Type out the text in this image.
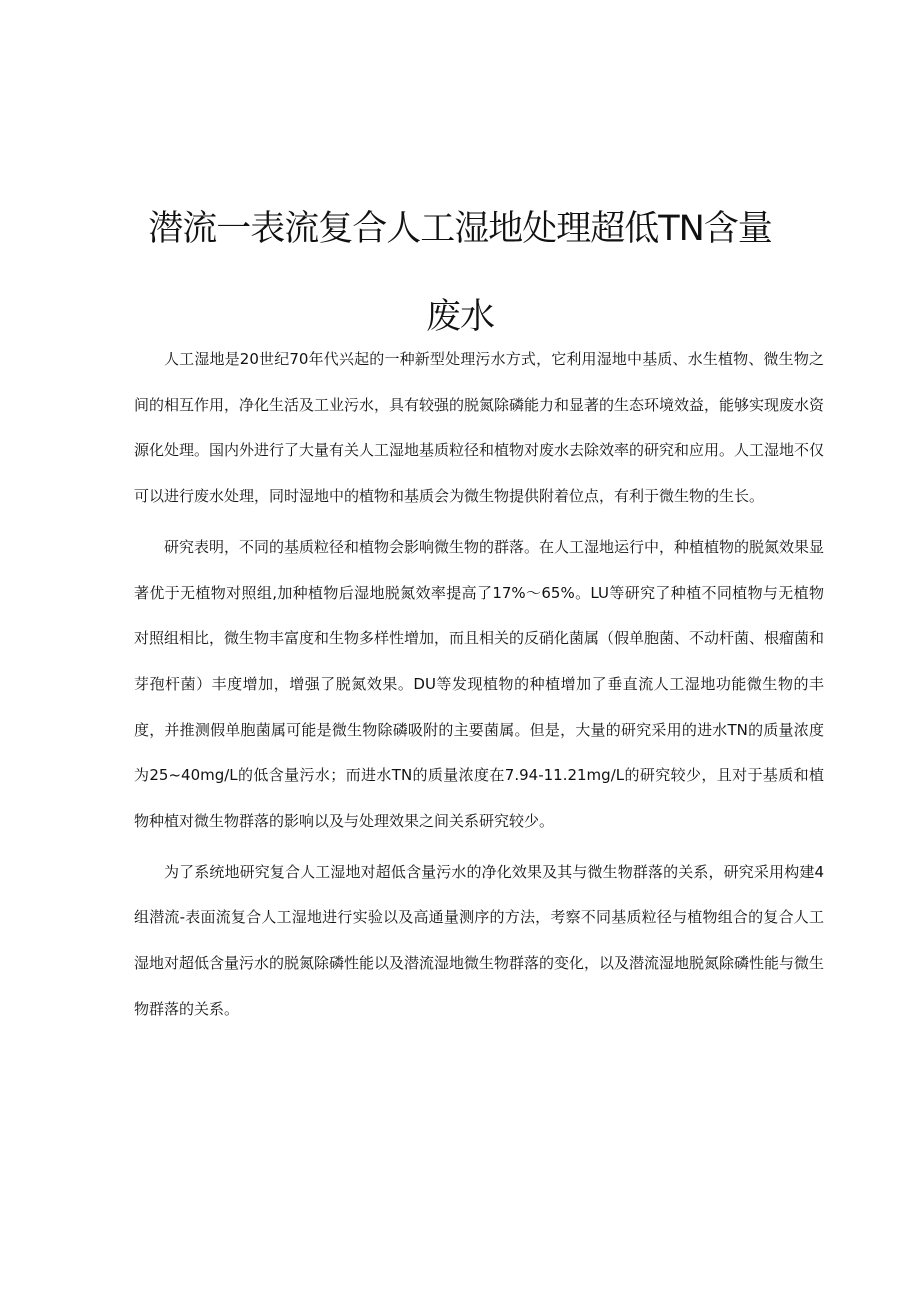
潜流一表流复合人工湿地处理超低TN含量
废水

人工湿地是20世纪70年代兴起的一种新型处理污水方式，它利用湿地中基质、水生植物、微生物之间的相互作用，净化生活及工业污水，具有较强的脱氮除磷能力和显著的生态环境效益，能够实现废水资源化处理。国内外进行了大量有关人工湿地基质粒径和植物对废水去除效率的研究和应用。人工湿地不仅可以进行废水处理，同时湿地中的植物和基质会为微生物提供附着位点，有利于微生物的生长。

研究表明，不同的基质粒径和植物会影响微生物的群落。在人工湿地运行中，种植植物的脱氮效果显著优于无植物对照组,加种植物后湿地脱氮效率提高了17%～65%。LU等研究了种植不同植物与无植物对照组相比，微生物丰富度和生物多样性增加，而且相关的反硝化菌属（假单胞菌、不动杆菌、根瘤菌和芽孢杆菌）丰度增加，增强了脱氮效果。DU等发现植物的种植增加了垂直流人工湿地功能微生物的丰度，并推测假单胞菌属可能是微生物除磷吸附的主要菌属。但是，大量的研究采用的进水TN的质量浓度为25~40mg∕L的低含量污水；而进水TN的质量浓度在7.94-11.21mg∕L的研究较少，且对于基质和植物种植对微生物群落的影响以及与处理效果之间关系研究较少。

为了系统地研究复合人工湿地对超低含量污水的净化效果及其与微生物群落的关系，研究采用构建4组潜流-表面流复合人工湿地进行实验以及高通量测序的方法，考察不同基质粒径与植物组合的复合人工湿地对超低含量污水的脱氮除磷性能以及潜流湿地微生物群落的变化，以及潜流湿地脱氮除磷性能与微生物群落的关系。
